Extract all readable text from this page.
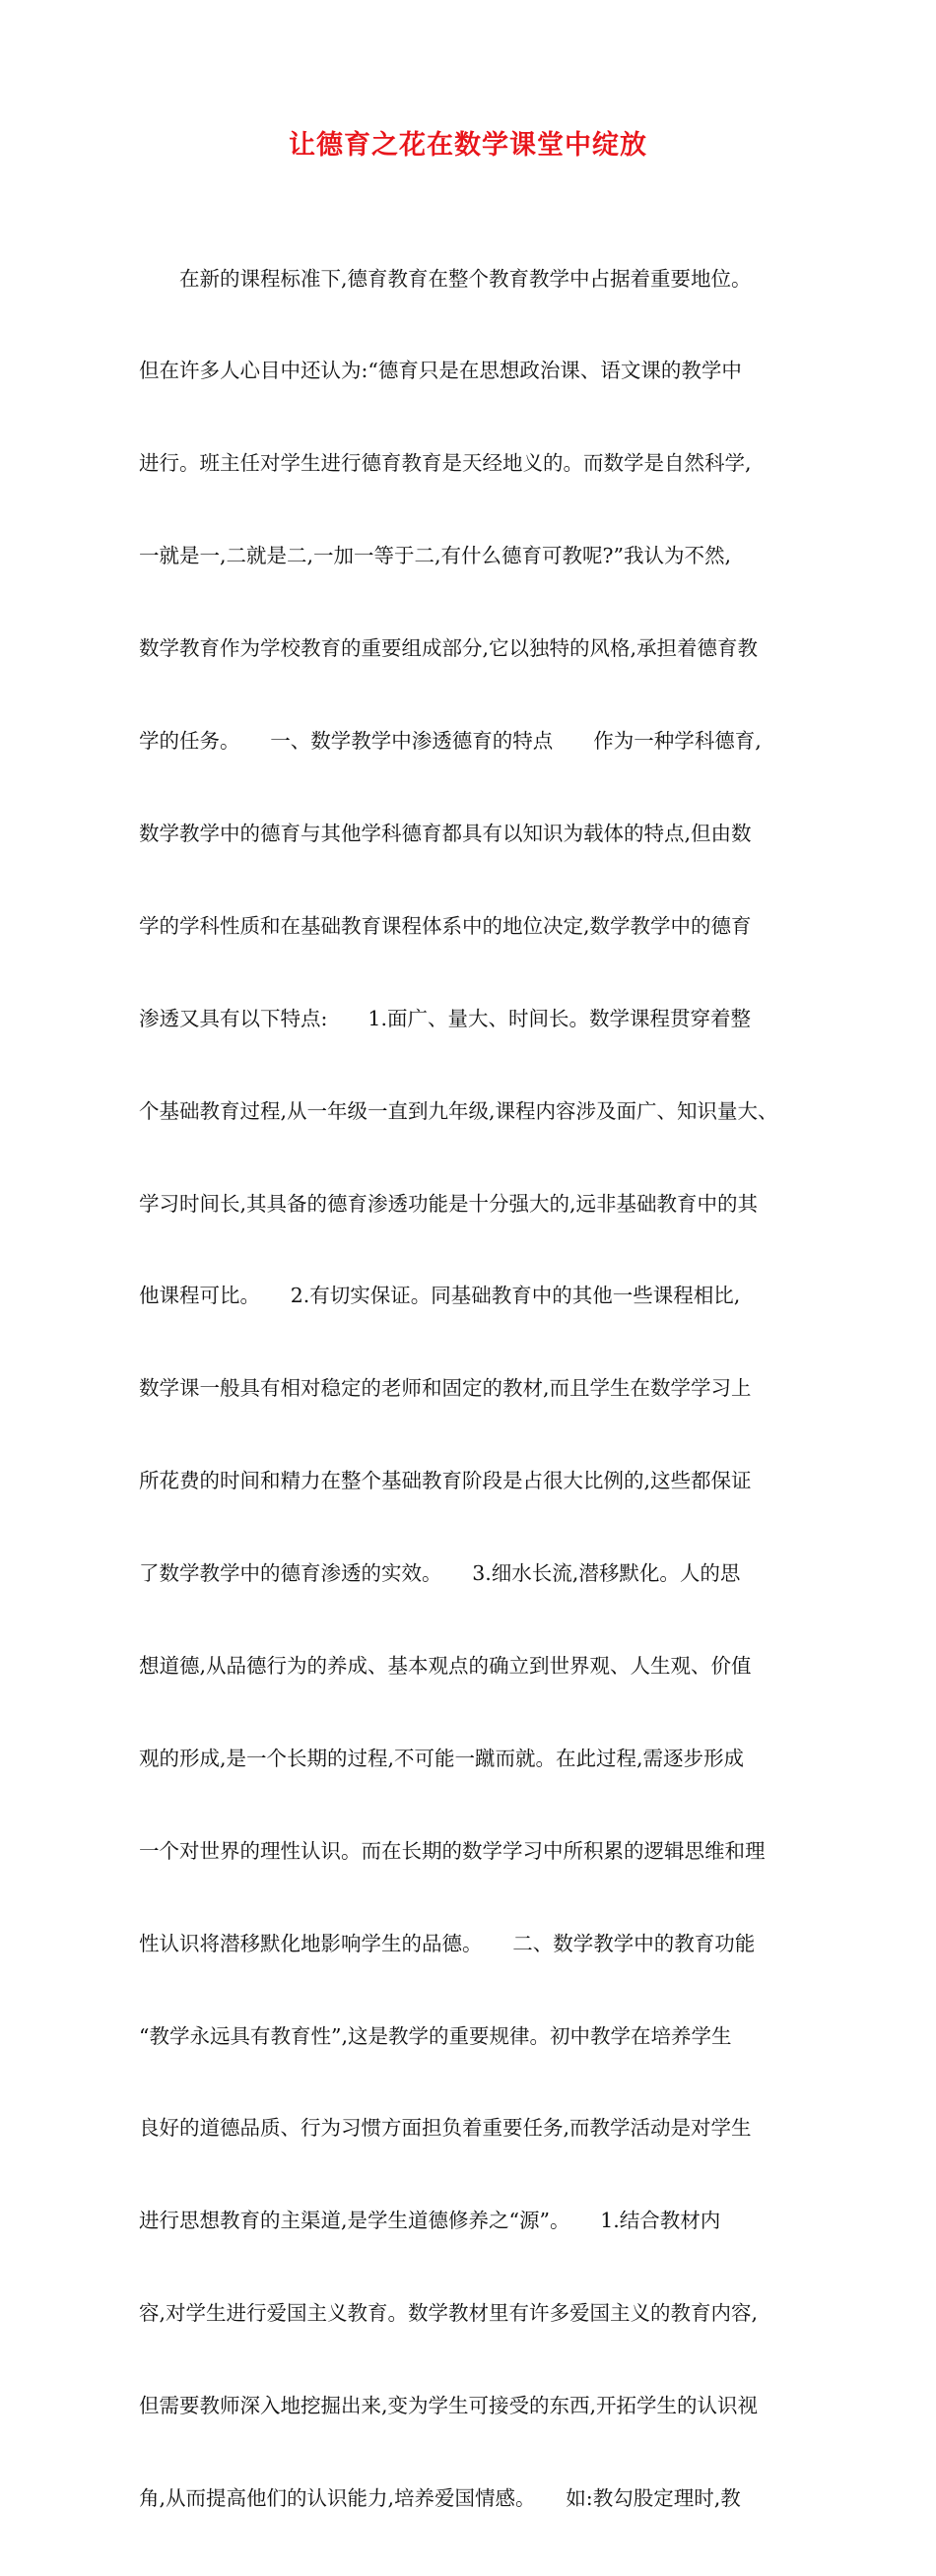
让德育之花在数学课堂中绽放

　　在新的课程标准下,德育教育在整个教育教学中占据着重要地位。

但在许多人心目中还认为:“德育只是在思想政治课、语文课的教学中

进行。班主任对学生进行德育教育是天经地义的。而数学是自然科学,

一就是一,二就是二,一加一等于二,有什么德育可教呢?”我认为不然,

数学教育作为学校教育的重要组成部分,它以独特的风格,承担着德育教

学的任务。　　一、数学教学中渗透德育的特点　　作为一种学科德育,

数学教学中的德育与其他学科德育都具有以知识为载体的特点,但由数

学的学科性质和在基础教育课程体系中的地位决定,数学教学中的德育

渗透又具有以下特点:　　1.面广、量大、时间长。数学课程贯穿着整

个基础教育过程,从一年级一直到九年级,课程内容涉及面广、知识量大、

学习时间长,其具备的德育渗透功能是十分强大的,远非基础教育中的其

他课程可比。　　2.有切实保证。同基础教育中的其他一些课程相比,

数学课一般具有相对稳定的老师和固定的教材,而且学生在数学学习上

所花费的时间和精力在整个基础教育阶段是占很大比例的,这些都保证

了数学教学中的德育渗透的实效。　　3.细水长流,潜移默化。人的思

想道德,从品德行为的养成、基本观点的确立到世界观、人生观、价值

观的形成,是一个长期的过程,不可能一蹴而就。在此过程,需逐步形成

一个对世界的理性认识。而在长期的数学学习中所积累的逻辑思维和理

性认识将潜移默化地影响学生的品德。　　二、数学教学中的教育功能

“教学永远具有教育性”,这是教学的重要规律。初中教学在培养学生

良好的道德品质、行为习惯方面担负着重要任务,而教学活动是对学生

进行思想教育的主渠道,是学生道德修养之“源”。　　1.结合教材内

容,对学生进行爱国主义教育。数学教材里有许多爱国主义的教育内容,

但需要教师深入地挖掘出来,变为学生可接受的东西,开拓学生的认识视

角,从而提高他们的认识能力,培养爱国情感。　　如:教勾股定理时,教
